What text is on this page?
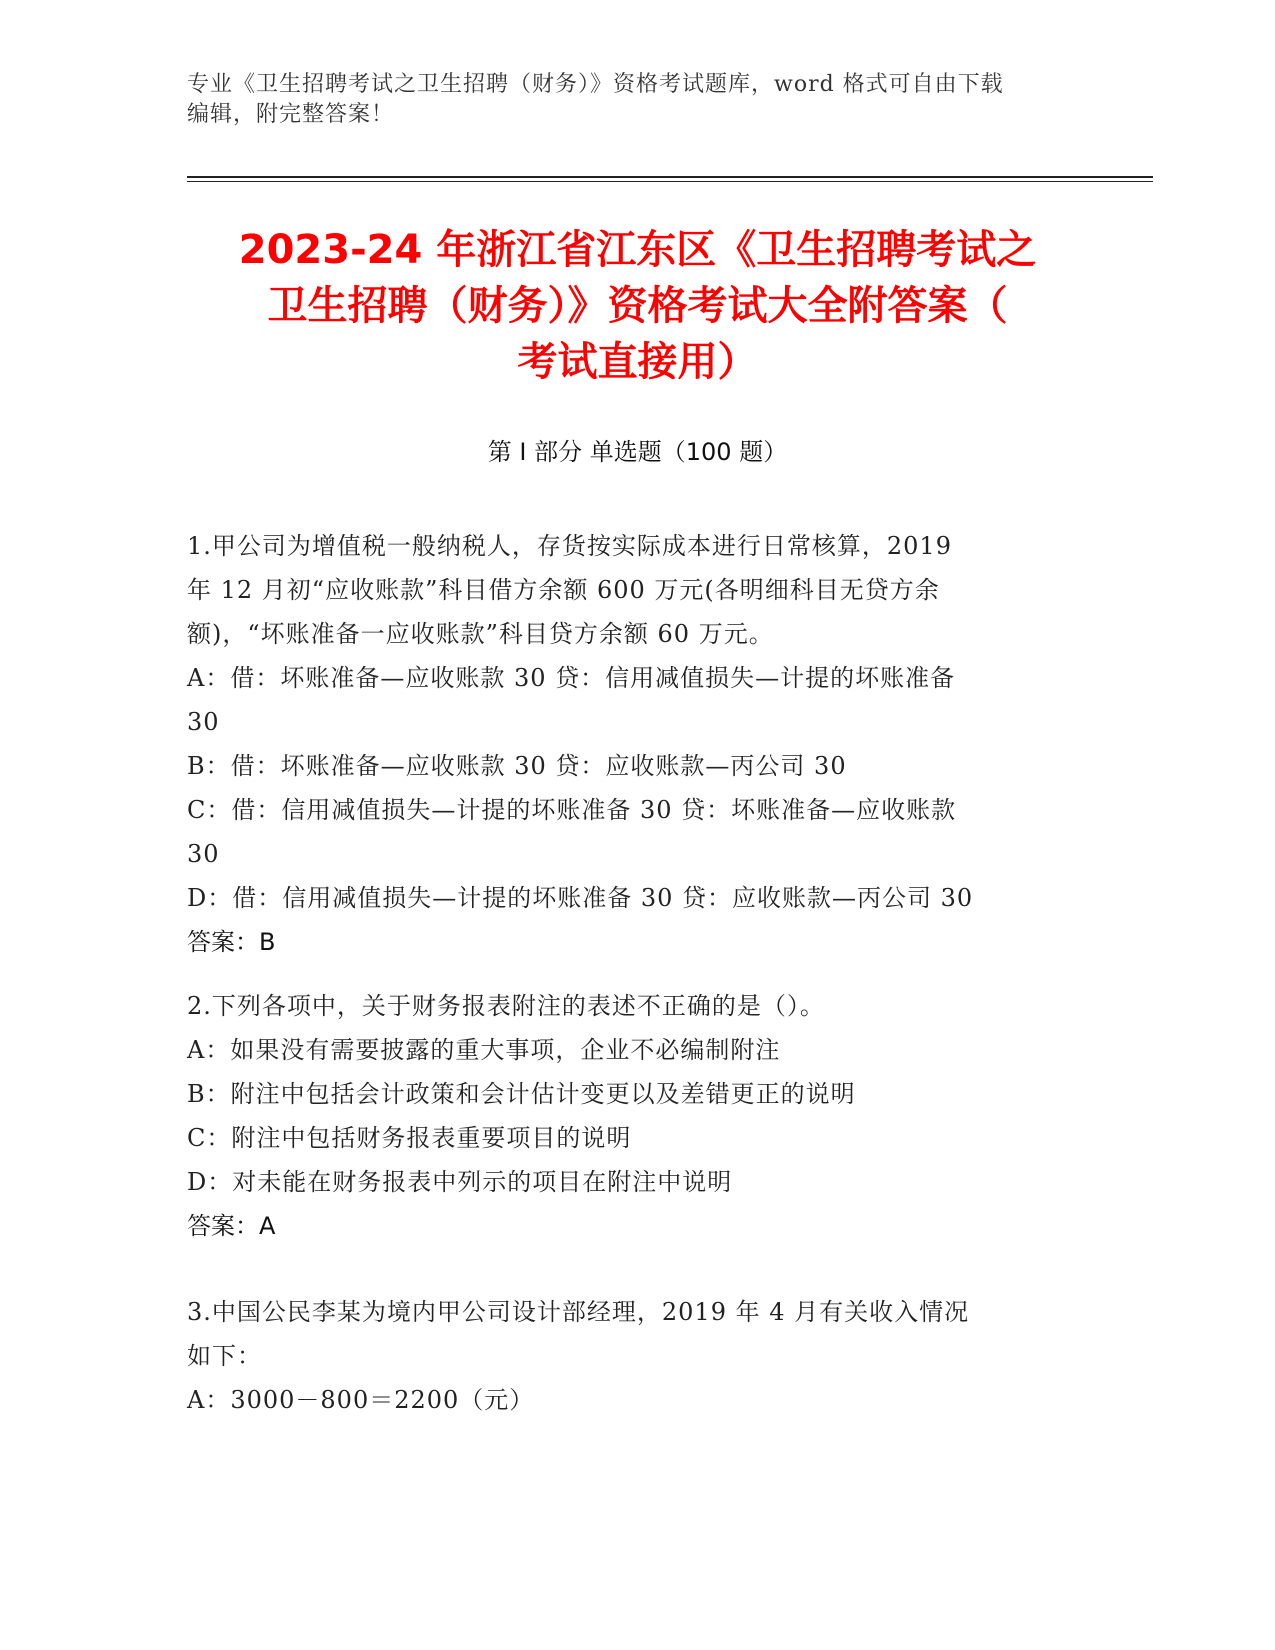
专业《卫生招聘考试之卫生招聘（财务）》资格考试题库，word 格式可自由下载
编辑，附完整答案！
2023-24 年浙江省江东区《卫生招聘考试之
卫生招聘（财务）》资格考试大全附答案（
考试直接用）
第 I 部分 单选题（100 题）
1.甲公司为增值税一般纳税人，存货按实际成本进行日常核算，2019
年 12 月初“应收账款”科目借方余额 600 万元(各明细科目无贷方余
额)，“坏账准备一应收账款”科目贷方余额 60 万元。
A：借：坏账准备—应收账款 30 贷：信用减值损失—计提的坏账准备
30
B：借：坏账准备—应收账款 30 贷：应收账款—丙公司 30
C：借：信用减值损失—计提的坏账准备 30 贷：坏账准备—应收账款
30
D：借：信用减值损失—计提的坏账准备 30 贷：应收账款—丙公司 30
答案：B
2.下列各项中，关于财务报表附注的表述不正确的是（）。
A：如果没有需要披露的重大事项，企业不必编制附注
B：附注中包括会计政策和会计估计变更以及差错更正的说明
C：附注中包括财务报表重要项目的说明
D：对未能在财务报表中列示的项目在附注中说明
答案：A
3.中国公民李某为境内甲公司设计部经理，2019 年 4 月有关收入情况
如下：
A：3000－800＝2200（元）
